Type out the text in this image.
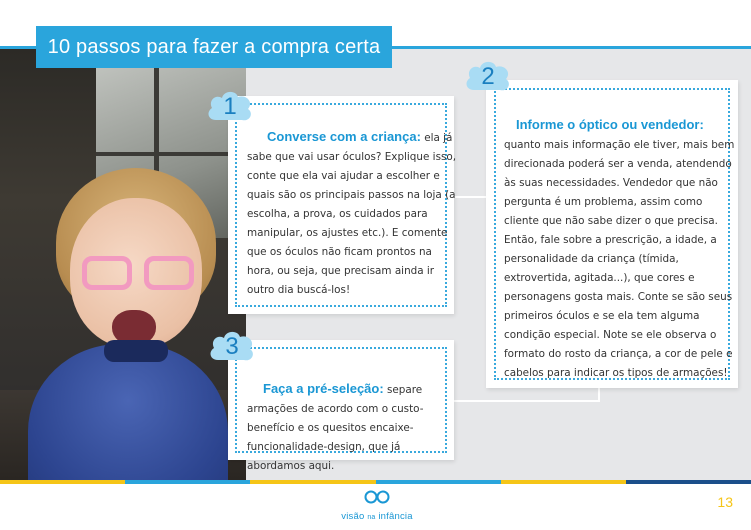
10 passos para fazer a compra certa

Converse com a criança: ela já sabe que vai usar óculos? Explique isso, conte que ela vai ajudar a escolher e quais são os principais passos na loja (a escolha, a prova, os cuidados para manipular, os ajustes etc.). E comente que os óculos não ficam prontos na hora, ou seja, que precisam ainda ir outro dia buscá-los!

Informe o óptico ou vendedor:

quanto mais informação ele tiver, mais bem direcionada poderá ser a venda, atendendo às suas necessidades. Vendedor que não pergunta é um problema, assim como cliente que não sabe dizer o que precisa. Então, fale sobre a prescrição, a idade, a personalidade da criança (tímida, extrovertida, agitada...), que cores e personagens gosta mais. Conte se são seus primeiros óculos e se ela tem alguma condição especial. Note se ele observa o formato do rosto da criança, a cor de pele e cabelos para indicar os tipos de armações!

Faça a pré-seleção: separe armações de acordo com o custo-benefício e os quesitos encaixe-funcionalidade-design, que já abordamos aqui.

1
2
3
visão na infância
13
